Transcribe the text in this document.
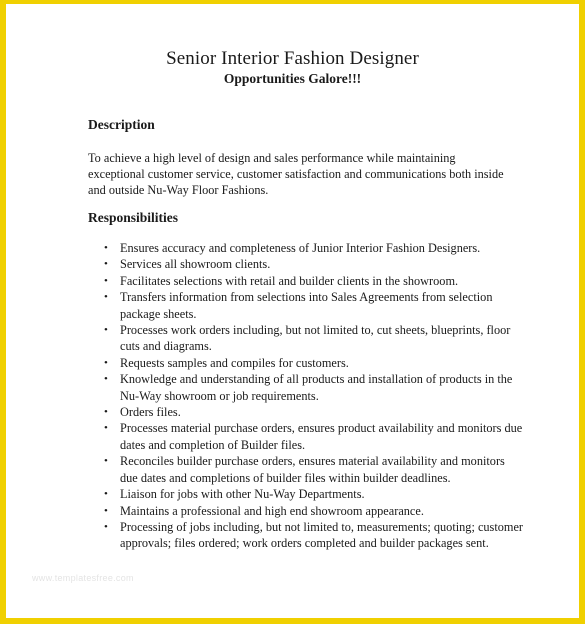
Senior Interior Fashion Designer
Opportunities Galore!!!
Description
To achieve a high level of design and sales performance while maintaining exceptional customer service, customer satisfaction and communications both inside and outside Nu-Way Floor Fashions.
Responsibilities
• Ensures accuracy and completeness of Junior Interior Fashion Designers.
• Services all showroom clients.
• Facilitates selections with retail and builder clients in the showroom.
• Transfers information from selections into Sales Agreements from selection package sheets.
• Processes work orders including, but not limited to, cut sheets, blueprints, floor cuts and diagrams.
• Requests samples and compiles for customers.
• Knowledge and understanding of all products and installation of products in the Nu-Way showroom or job requirements.
• Orders files.
• Processes material purchase orders, ensures product availability and monitors due dates and completion of Builder files.
• Reconciles builder purchase orders, ensures material availability and monitors due dates and completions of builder files within builder deadlines.
• Liaison for jobs with other Nu-Way Departments.
• Maintains a professional and high end showroom appearance.
• Processing of jobs including, but not limited to, measurements; quoting; customer approvals; files ordered; work orders completed and builder packages sent.
www.templatesfree.com
